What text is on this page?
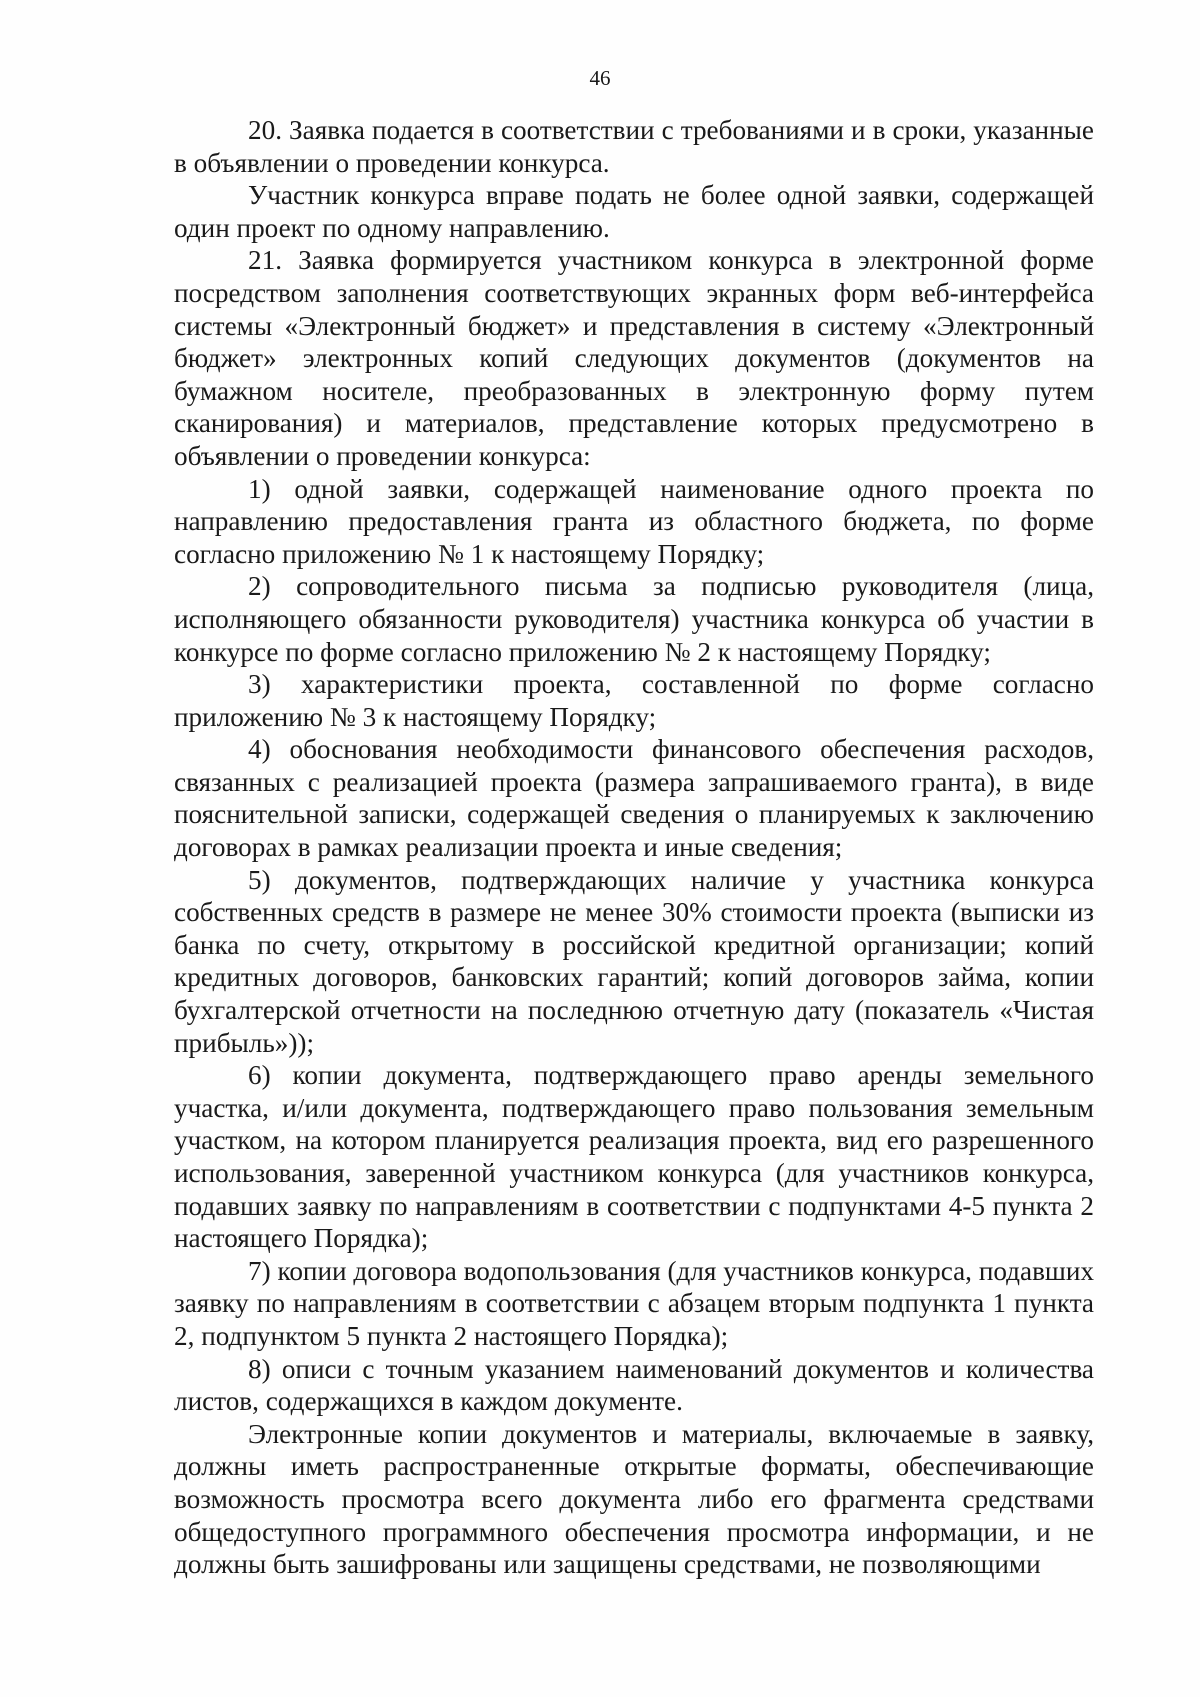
46

20. Заявка подается в соответствии с требованиями и в сроки, указанные в объявлении о проведении конкурса.

Участник конкурса вправе подать не более одной заявки, содержащей один проект по одному направлению.

21. Заявка формируется участником конкурса в электронной форме посредством заполнения соответствующих экранных форм веб-интерфейса системы «Электронный бюджет» и представления в систему «Электронный бюджет» электронных копий следующих документов (документов на бумажном носителе, преобразованных в электронную форму путем сканирования) и материалов, представление которых предусмотрено в объявлении о проведении конкурса:

1) одной заявки, содержащей наименование одного проекта по направлению предоставления гранта из областного бюджета, по форме согласно приложению № 1 к настоящему Порядку;

2) сопроводительного письма за подписью руководителя (лица, исполняющего обязанности руководителя) участника конкурса об участии в конкурсе по форме согласно приложению № 2 к настоящему Порядку;

3) характеристики проекта, составленной по форме согласно приложению № 3 к настоящему Порядку;

4) обоснования необходимости финансового обеспечения расходов, связанных с реализацией проекта (размера запрашиваемого гранта), в виде пояснительной записки, содержащей сведения о планируемых к заключению договорах в рамках реализации проекта и иные сведения;

5) документов, подтверждающих наличие у участника конкурса собственных средств в размере не менее 30% стоимости проекта (выписки из банка по счету, открытому в российской кредитной организации; копий кредитных договоров, банковских гарантий; копий договоров займа, копии бухгалтерской отчетности на последнюю отчетную дату (показатель «Чистая прибыль»));

6) копии документа, подтверждающего право аренды земельного участка, и/или документа, подтверждающего право пользования земельным участком, на котором планируется реализация проекта, вид его разрешенного использования, заверенной участником конкурса (для участников конкурса, подавших заявку по направлениям в соответствии с подпунктами 4-5 пункта 2 настоящего Порядка);

7) копии договора водопользования (для участников конкурса, подавших заявку по направлениям в соответствии с абзацем вторым подпункта 1 пункта 2, подпунктом 5 пункта 2 настоящего Порядка);

8) описи с точным указанием наименований документов и количества листов, содержащихся в каждом документе.

Электронные копии документов и материалы, включаемые в заявку, должны иметь распространенные открытые форматы, обеспечивающие возможность просмотра всего документа либо его фрагмента средствами общедоступного программного обеспечения просмотра информации, и не должны быть зашифрованы или защищены средствами, не позволяющими
